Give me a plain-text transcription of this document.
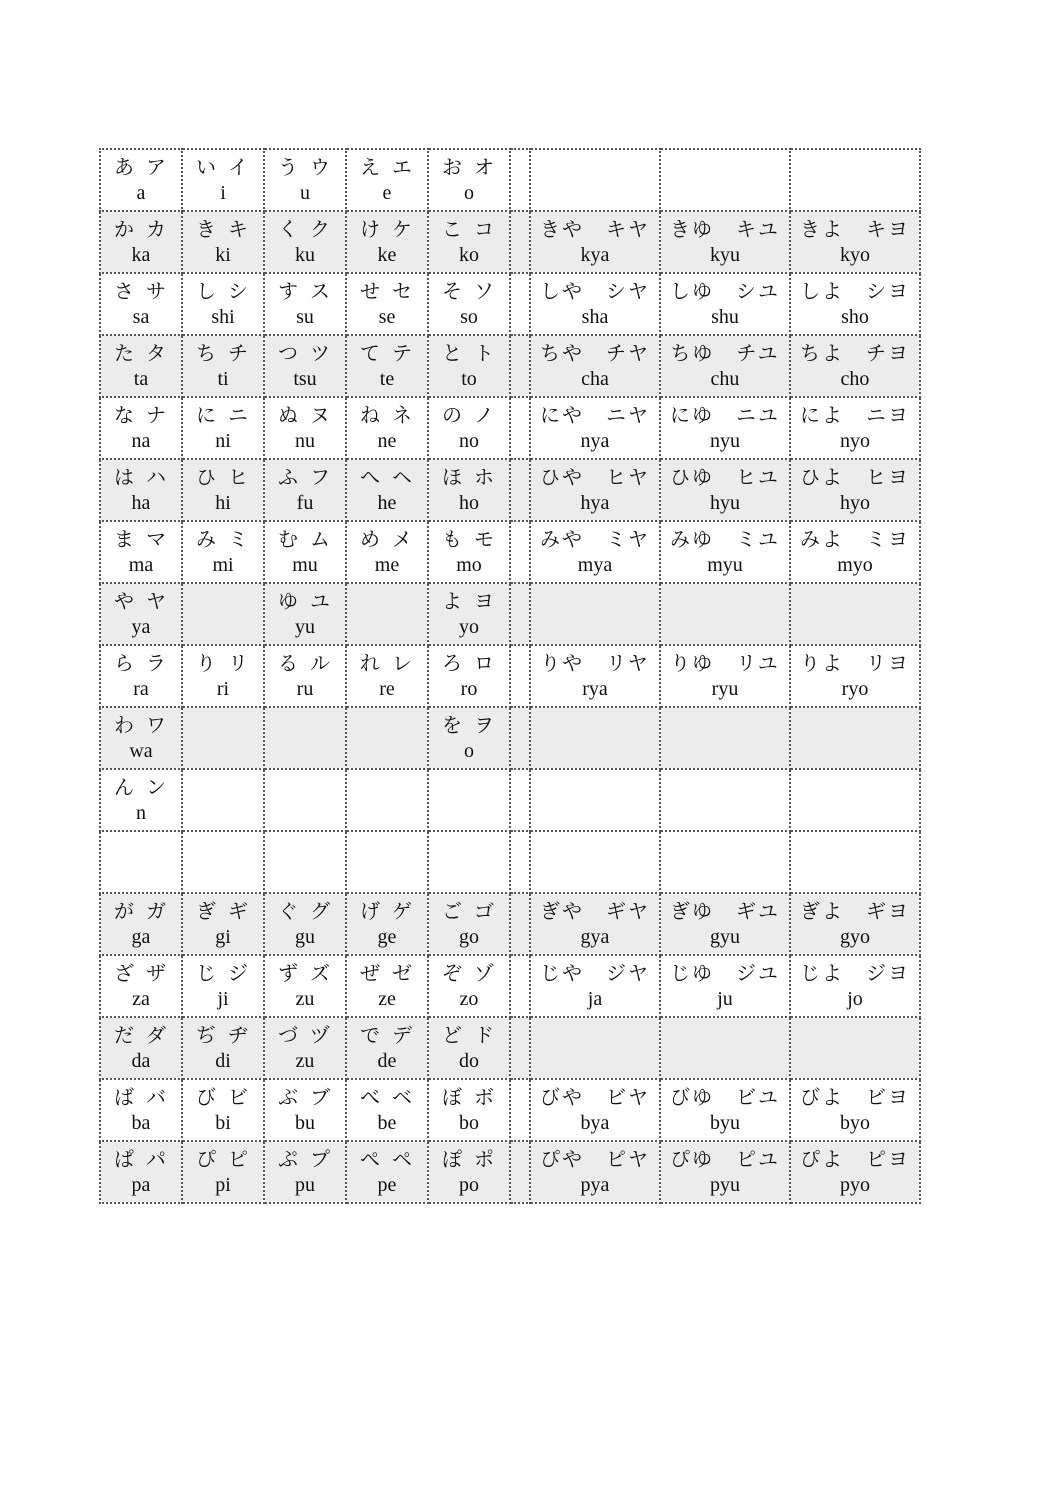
あ ア
a	い イ
i	う ウ
u	え エ
e	お オ
o				

か カ
ka	き キ
ki	く ク
ku	け ケ
ke	こ コ
ko		きや キヤ
kya	きゆ キユ
kyu	きよ キヨ
kyo

さ サ
sa	し シ
shi	す ス
su	せ セ
se	そ ソ
so		しや シヤ
sha	しゆ シユ
shu	しよ シヨ
sho

た タ
ta	ち チ
ti	つ ツ
tsu	て テ
te	と ト
to		ちや チヤ
cha	ちゆ チユ
chu	ちよ チヨ
cho

な ナ
na	に ニ
ni	ぬ ヌ
nu	ね ネ
ne	の ノ
no		にや ニヤ
nya	にゆ ニユ
nyu	によ ニヨ
nyo

は ハ
ha	ひ ヒ
hi	ふ フ
fu	へ ヘ
he	ほ ホ
ho		ひや ヒヤ
hya	ひゆ ヒユ
hyu	ひよ ヒヨ
hyo

ま マ
ma	み ミ
mi	む ム
mu	め メ
me	も モ
mo		みや ミヤ
mya	みゆ ミユ
myu	みよ ミヨ
myo

や ヤ
ya		ゆ ユ
yu		よ ヨ
yo				

ら ラ
ra	り リ
ri	る ル
ru	れ レ
re	ろ ロ
ro		りや リヤ
rya	りゆ リユ
ryu	りよ リヨ
ryo

わ ワ
wa				を ヲ
o				

ん ン
n								

が ガ
ga	ぎ ギ
gi	ぐ グ
gu	げ ゲ
ge	ご ゴ
go		ぎや ギヤ
gya	ぎゆ ギユ
gyu	ぎよ ギヨ
gyo

ざ ザ
za	じ ジ
ji	ず ズ
zu	ぜ ゼ
ze	ぞ ゾ
zo		じや ジヤ
ja	じゆ ジユ
ju	じよ ジヨ
jo

だ ダ
da	ぢ ヂ
di	づ ヅ
zu	で デ
de	ど ド
do				

ば バ
ba	び ビ
bi	ぶ ブ
bu	べ ベ
be	ぼ ボ
bo		びや ビヤ
bya	びゆ ビユ
byu	びよ ビヨ
byo

ぱ パ
pa	ぴ ピ
pi	ぷ プ
pu	ぺ ペ
pe	ぽ ポ
po		ぴや ピヤ
pya	ぴゆ ピユ
pyu	ぴよ ピヨ
pyo
